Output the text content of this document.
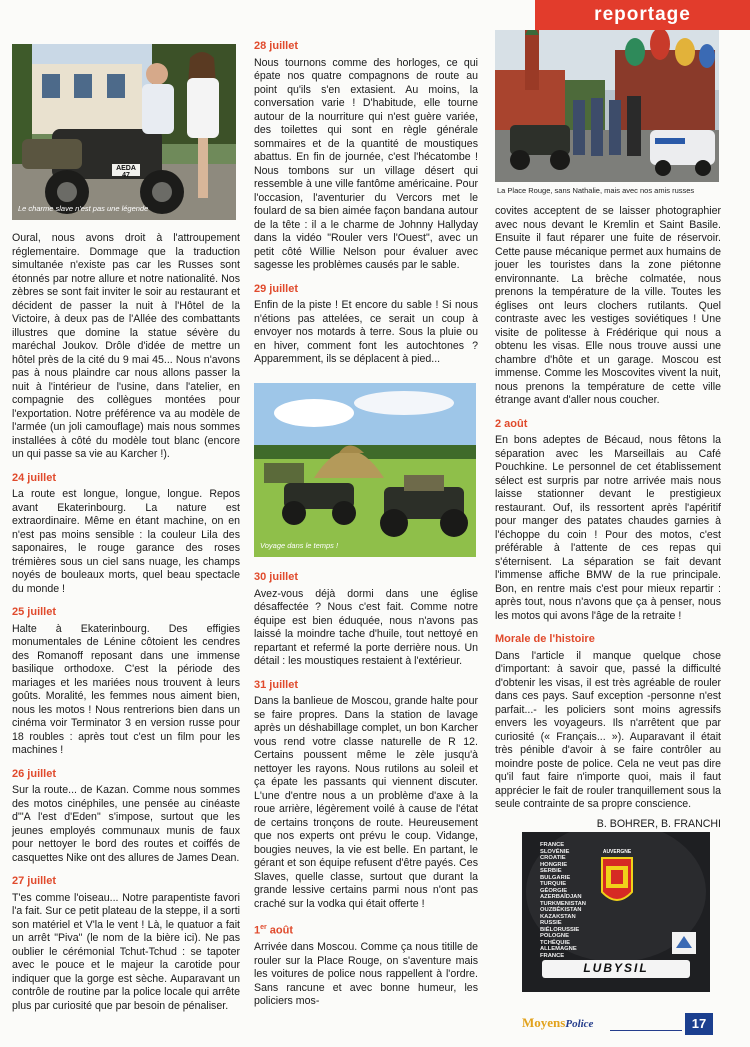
reportage
Le charme slave n'est pas une légende
AEDA 47

Oural, nous avons droit à l'attroupement réglementaire. Dommage que la traduction simultanée n'existe pas car les Russes sont étonnés par notre allure et notre nationalité. Nos zèbres se sont fait inviter le soir au restaurant et décident de passer la nuit à l'Hôtel de la Victoire, à deux pas de l'Allée des combattants illustres que domine la statue sévère du maréchal Joukov. Drôle d'idée de mettre un hôtel près de la cité du 9 mai 45... Nous n'avons pas à nous plaindre car nous allons passer la nuit à l'intérieur de l'usine, dans l'atelier, en compagnie des collègues montées pour l'exportation. Notre préférence va au modèle de l'armée (un joli camouflage) mais nous sommes installées à côté du modèle tout blanc (encore un qui passe sa vie au Karcher !).

24 juillet

La route est longue, longue, longue. Repos avant Ekaterinbourg. La nature est extraordinaire. Même en étant machine, on en n'est pas moins sensible : la couleur Lila des saponaires, le rouge garance des roses trémières sous un ciel sans nuage, les champs noyés de bouleaux morts, quel beau spectacle du monde !

25 juillet

Halte à Ekaterinbourg. Des effigies monumentales de Lénine côtoient les cendres des Romanoff reposant dans une immense basilique orthodoxe. C'est la période des mariages et les mariées nous trouvent à leurs goûts. Moralité, les femmes nous aiment bien, nous les motos ! Nous rentrerions bien dans un cinéma voir Terminator 3 en version russe pour 18 roubles : après tout c'est un film pour les machines !

26 juillet

Sur la route... de Kazan. Comme nous sommes des motos cinéphiles, une pensée au cinéaste d'"A l'est d'Eden" s'impose, surtout que les jeunes employés communaux munis de faux pour nettoyer le bord des routes et coiffés de casquettes Nike ont des allures de James Dean.

27 juillet

T'es comme l'oiseau... Notre parapentiste favori l'a fait. Sur ce petit plateau de la steppe, il a sorti son matériel et V'la le vent ! Là, le quatuor a fait un arrêt "Piva" (le nom de la bière ici). Ne pas oublier le cérémonial Tchut-Tchud : se tapoter avec le pouce et le majeur la carotide pour indiquer que la gorge est sèche. Auparavant un contrôle de routine par la police locale qui arrête plus par curiosité que par besoin de pénaliser.

28 juillet

Nous tournons comme des horloges, ce qui épate nos quatre compagnons de route au point qu'ils s'en extasient. Au moins, la conversation varie ! D'habitude, elle tourne autour de la nourriture qui n'est guère variée, des toilettes qui sont en règle générale sommaires et de la quantité de moustiques abattus. En fin de journée, c'est l'hécatombe ! Nous tombons sur un village désert qui ressemble à une ville fantôme américaine. Pour l'occasion, l'aventurier du Vercors met le foulard de sa bien aimée façon bandana autour de la tête : il a le charme de Johnny Hallyday dans la vidéo "Rouler vers l'Ouest", avec un petit côté Willie Nelson pour évaluer avec sagesse les problèmes causés par le sable.

29 juillet

Enfin de la piste ! Et encore du sable ! Si nous n'étions pas attelées, ce serait un coup à envoyer nos motards à terre. Sous la pluie ou en hiver, comment font les autochtones ? Apparemment, ils se déplacent à pied...

Voyage dans le temps !
30 juillet

Avez-vous déjà dormi dans une église désaffectée ? Nous c'est fait. Comme notre équipe est bien éduquée, nous n'avons pas laissé la moindre tache d'huile, tout nettoyé en repartant et refermé la porte derrière nous. Un détail : les moustiques restaient à l'extérieur.

31 juillet

Dans la banlieue de Moscou, grande halte pour se faire propres. Dans la station de lavage après un déshabillage complet, un bon Karcher vous rend votre classe naturelle de R 12. Certains poussent même le zèle jusqu'à nettoyer les rayons. Nous rutilons au soleil et ça épate les passants qui viennent discuter. L'une d'entre nous a un problème d'axe à la roue arrière, légèrement voilé à cause de l'état de certains tronçons de route. Heureusement que nos experts ont prévu le coup. Vidange, bougies neuves, la vie est belle. En partant, le gérant et son équipe refusent d'être payés. Ces Slaves, quelle classe, surtout que durant la grande lessive certains parmi nous n'ont pas craché sur la vodka qui était offerte !

1er août

Arrivée dans Moscou. Comme ça nous titille de rouler sur la Place Rouge, on s'aventure mais les voitures de police nous rappellent à l'ordre. Sans rancune et avec bonne humeur, les policiers mos-

La Place Rouge, sans Nathalie, mais avec nos amis russes

covites acceptent de se laisser photographier avec nous devant le Kremlin et Saint Basile. Ensuite il faut réparer une fuite de réservoir. Cette pause mécanique permet aux humains de jouer les touristes dans la zone piétonne environnante. La brèche colmatée, nous prenons la température de la ville. Toutes les églises ont leurs clochers rutilants. Quel contraste avec les vestiges soviétiques ! Une visite de politesse à Frédérique qui nous a obtenu les visas. Elle nous trouve aussi une chambre d'hôte et un garage. Moscou est immense. Comme les Moscovites vivent la nuit, nous prenons la température de cette ville étrange avant d'aller nous coucher.

2 août

En bons adeptes de Bécaud, nous fêtons la séparation avec les Marseillais au Café Pouchkine. Le personnel de cet établissement sélect est surpris par notre arrivée mais nous laisse stationner devant le prestigieux restaurant. Ouf, ils ressortent après l'apéritif pour manger des patates chaudes garnies à l'échoppe du coin ! Pour des motos, c'est préférable à l'attente de ces repas qui s'éternisent. La séparation se fait devant l'immense affiche BMW de la rue principale. Bon, en rentre mais c'est pour mieux repartir : après tout, nous n'avons que ça à penser, nous les motos qui avons l'âge de la retraite !

Morale de l'histoire

Dans l'article il manque quelque chose d'important: à savoir que, passé la difficulté d'obtenir les visas, il est très agréable de rouler dans ces pays. Sauf exception -personne n'est parfait...- les policiers sont moins agressifs envers les voyageurs. Ils n'arrêtent que par curiosité (« Français... »). Auparavant il était très pénible d'avoir à se faire contrôler au moindre poste de police. Cela ne veut pas dire qu'il faut faire n'importe quoi, mais il faut apprécier le fait de rouler tranquillement sous la seule contrainte de sa propre conscience.

B. BOHRER, B. FRANCHI
FRANCE
SLOVÉNIE
CROATIE
HONGRIE
SERBIE
BULGARIE
TURQUIE
GÉORGIE
AZERBAÏDJAN
TURKMENISTAN
OUZBÉKISTAN
KAZAKSTAN
RUSSIE
BIÉLORUSSIE
POLOGNE
TCHÉQUIE
ALLEMAGNE
FRANCE
AUVERGNE
LUBYSIL
MoyensPolice	17
